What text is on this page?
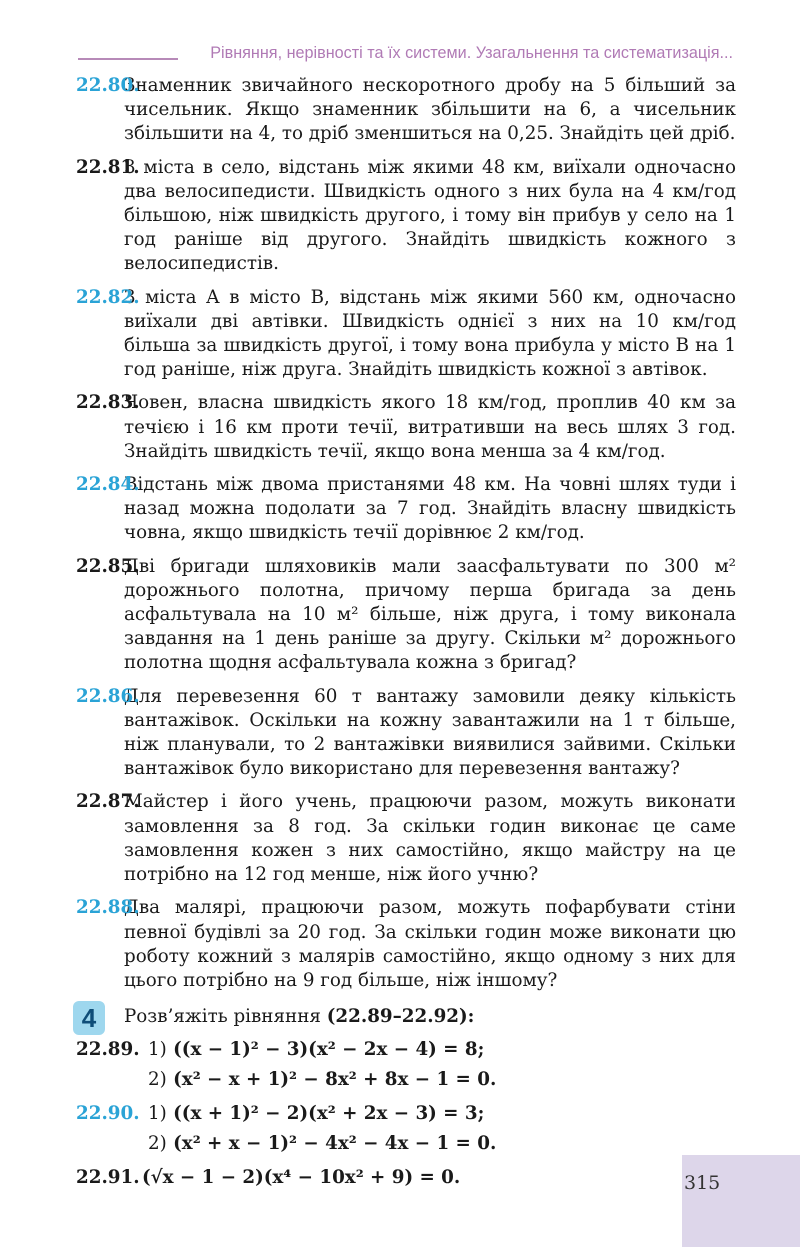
Рівняння, нерівності та їх системи. Узагальнення та систематизація...
22.80.

Знаменник звичайного нескоротного дробу на 5 більший за чисельник. Якщо знаменник збільшити на 6, а чисельник збільшити на 4, то дріб зменшиться на 0,25. Знайдіть цей дріб.

22.81.

З міста в село, відстань між якими 48 км, виїхали одночасно два велосипедисти. Швидкість одного з них була на 4 км/год більшою, ніж швидкість другого, і тому він прибув у село на 1 год раніше від другого. Знайдіть швидкість кожного з велосипедистів.

22.82.

З міста A в місто B, відстань між якими 560 км, одночасно виїхали дві автівки. Швидкість однієї з них на 10 км/год більша за швидкість другої, і тому вона прибула у місто B на 1 год раніше, ніж друга. Знайдіть швидкість кожної з автівок.

22.83.

Човен, власна швидкість якого 18 км/год, проплив 40 км за течією і 16 км проти течії, витративши на весь шлях 3 год. Знайдіть швидкість течії, якщо вона менша за 4 км/год.

22.84.

Відстань між двома пристанями 48 км. На човні шлях туди і назад можна подолати за 7 год. Знайдіть власну швидкість човна, якщо швидкість течії дорівнює 2 км/год.

22.85.

Дві бригади шляховиків мали заасфальтувати по 300 м² дорожнього полотна, причому перша бригада за день асфальтувала на 10 м² більше, ніж друга, і тому виконала завдання на 1 день раніше за другу. Скільки м² дорожнього полотна щодня асфальтувала кожна з бригад?

22.86.

Для перевезення 60 т вантажу замовили деяку кількість вантажівок. Оскільки на кожну завантажили на 1 т більше, ніж планували, то 2 вантажівки виявилися зайвими. Скільки вантажівок було використано для перевезення вантажу?

22.87.

Майстер і його учень, працюючи разом, можуть виконати замовлення за 8 год. За скільки годин виконає це саме замовлення кожен з них самостійно, якщо майстру на це потрібно на 12 год менше, ніж його учню?

22.88.

Два малярі, працюючи разом, можуть пофарбувати стіни певної будівлі за 20 год. За скільки годин може виконати цю роботу кожний з малярів самостійно, якщо одному з них для цього потрібно на 9 год більше, ніж іншому?

4	Розв’яжіть рівняння (22.89–22.92):
22.89. 1) ((x − 1)² − 3)(x² − 2x − 4) = 8;
2) (x² − x + 1)² − 8x² + 8x − 1 = 0.
22.90. 1) ((x + 1)² − 2)(x² + 2x − 3) = 3;
2) (x² + x − 1)² − 4x² − 4x − 1 = 0.
22.91. (√x − 1 − 2)(x⁴ − 10x² + 9) = 0.	315
